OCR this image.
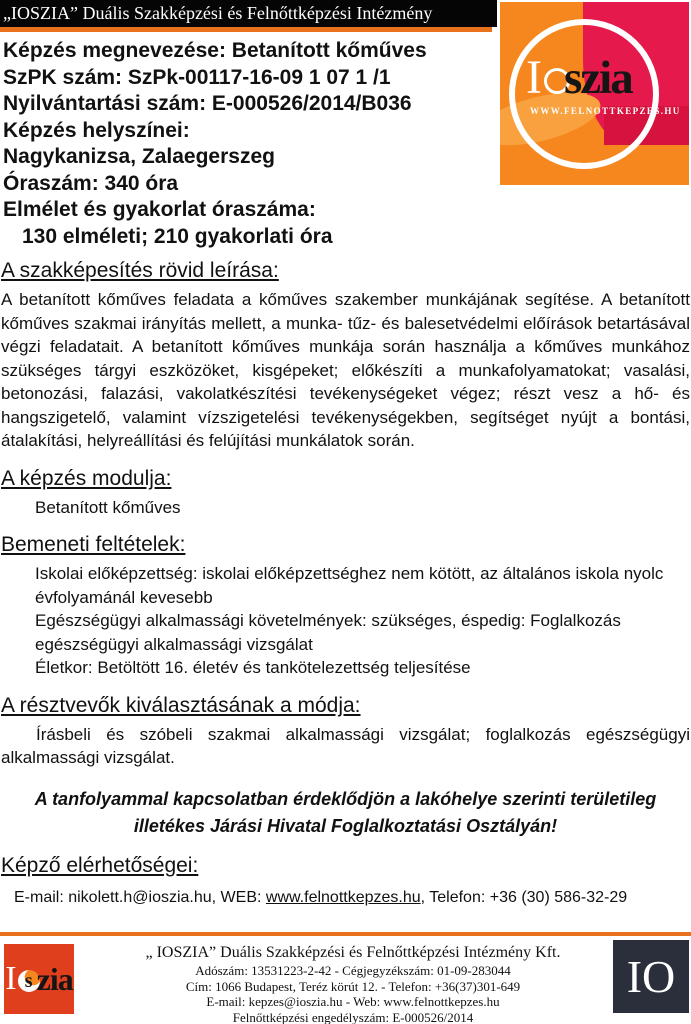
„IOSZIA” Duális Szakképzési és Felnőttképzési Intézmény
I szia
WWW.FELNOTTKEPZES.HU
Képzés megnevezése: Betanított kőműves
SzPK szám: SzPk-00117-16-09 1 07 1 /1
Nyilvántartási szám: E-000526/2014/B036
Képzés helyszínei:
Nagykanizsa, Zalaegerszeg
Óraszám: 340 óra
Elmélet és gyakorlat óraszáma:
130 elméleti; 210 gyakorlati óra
A szakképesítés rövid leírása:

A betanított kőműves feladata a kőműves szakember munkájának segítése. A betanított kőműves szakmai irányítás mellett, a munka- tűz- és balesetvédelmi előírások betartásával végzi feladatait. A betanított kőműves munkája során használja a kőműves munkához szükséges tárgyi eszközöket, kisgépeket; előkészíti a munkafolyamatokat; vasalási, betonozási, falazási, vakolatkészítési tevékenységeket végez; részt vesz a hő- és hangszigetelő, valamint vízszigetelési tevékenységekben, segítséget nyújt a bontási, átalakítási, helyreállítási és felújítási munkálatok során.

A képzés modulja:
Betanított kőműves
Bemeneti feltételek:
Iskolai előképzettség: iskolai előképzettséghez nem kötött, az általános iskola nyolc évfolyamánál kevesebb
Egészségügyi alkalmassági követelmények: szükséges, éspedig: Foglalkozás egészségügyi alkalmassági vizsgálat
Életkor: Betöltött 16. életév és tankötelezettség teljesítése
A résztvevők kiválasztásának a módja:

Írásbeli és szóbeli szakmai alkalmassági vizsgálat; foglalkozás egészségügyi alkalmassági vizsgálat.

A tanfolyammal kapcsolatban érdeklődjön a lakóhelye szerinti területileg illetékes Járási Hivatal Foglalkoztatási Osztályán!

Képző elérhetőségei:
E-mail: nikolett.h@ioszia.hu, WEB: www.felnottkepzes.hu, Telefon: +36 (30) 586-32-29
I s zia
„ IOSZIA” Duális Szakképzési és Felnőttképzési Intézmény Kft.
Adószám: 13531223-2-42 - Cégjegyzékszám: 01-09-283044
Cím: 1066 Budapest, Teréz körút 12. - Telefon: +36(37)301-649
E-mail: kepzes@ioszia.hu - Web: www.felnottkepzes.hu
Felnőttképzési engedélyszám: E-000526/2014
IO
